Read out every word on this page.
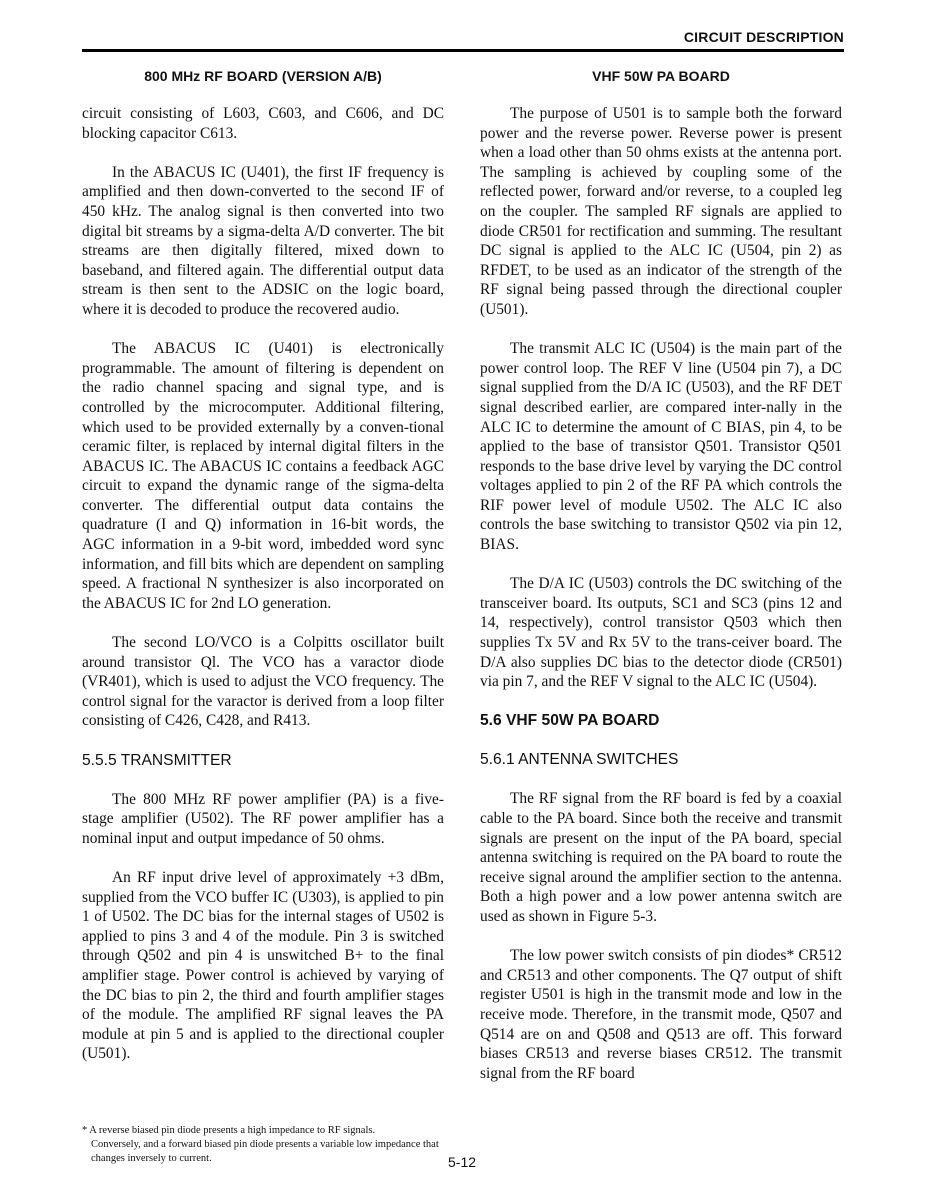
CIRCUIT DESCRIPTION
800 MHz RF BOARD (VERSION A/B)

circuit consisting of L603, C603, and C606, and DC blocking capacitor C613.

In the ABACUS IC (U401), the first IF frequency is amplified and then down-converted to the second IF of 450 kHz. The analog signal is then converted into two digital bit streams by a sigma-delta A/D converter. The bit streams are then digitally filtered, mixed down to baseband, and filtered again. The differential output data stream is then sent to the ADSIC on the logic board, where it is decoded to produce the recovered audio.

The ABACUS IC (U401) is electronically programmable. The amount of filtering is dependent on the radio channel spacing and signal type, and is controlled by the microcomputer. Additional filtering, which used to be provided externally by a conven-tional ceramic filter, is replaced by internal digital filters in the ABACUS IC. The ABACUS IC contains a feedback AGC circuit to expand the dynamic range of the sigma-delta converter. The differential output data contains the quadrature (I and Q) information in 16-bit words, the AGC information in a 9-bit word, imbedded word sync information, and fill bits which are dependent on sampling speed. A fractional N synthesizer is also incorporated on the ABACUS IC for 2nd LO generation.

The second LO/VCO is a Colpitts oscillator built around transistor Ql. The VCO has a varactor diode (VR401), which is used to adjust the VCO frequency. The control signal for the varactor is derived from a loop filter consisting of C426, C428, and R413.

5.5.5 TRANSMITTER

The 800 MHz RF power amplifier (PA) is a five-stage amplifier (U502). The RF power amplifier has a nominal input and output impedance of 50 ohms.

An RF input drive level of approximately +3 dBm, supplied from the VCO buffer IC (U303), is applied to pin 1 of U502. The DC bias for the internal stages of U502 is applied to pins 3 and 4 of the module. Pin 3 is switched through Q502 and pin 4 is unswitched B+ to the final amplifier stage. Power control is achieved by varying of the DC bias to pin 2, the third and fourth amplifier stages of the module. The amplified RF signal leaves the PA module at pin 5 and is applied to the directional coupler (U501).

VHF 50W PA BOARD

The purpose of U501 is to sample both the forward power and the reverse power. Reverse power is present when a load other than 50 ohms exists at the antenna port. The sampling is achieved by coupling some of the reflected power, forward and/or reverse, to a coupled leg on the coupler. The sampled RF signals are applied to diode CR501 for rectification and summing. The resultant DC signal is applied to the ALC IC (U504, pin 2) as RFDET, to be used as an indicator of the strength of the RF signal being passed through the directional coupler (U501).

The transmit ALC IC (U504) is the main part of the power control loop. The REF V line (U504 pin 7), a DC signal supplied from the D/A IC (U503), and the RF DET signal described earlier, are compared inter-nally in the ALC IC to determine the amount of C BIAS, pin 4, to be applied to the base of transistor Q501. Transistor Q501 responds to the base drive level by varying the DC control voltages applied to pin 2 of the RF PA which controls the RIF power level of module U502. The ALC IC also controls the base switching to transistor Q502 via pin 12, BIAS.

The D/A IC (U503) controls the DC switching of the transceiver board. Its outputs, SC1 and SC3 (pins 12 and 14, respectively), control transistor Q503 which then supplies Tx 5V and Rx 5V to the trans-ceiver board. The D/A also supplies DC bias to the detector diode (CR501) via pin 7, and the REF V signal to the ALC IC (U504).

5.6 VHF 50W PA BOARD
5.6.1 ANTENNA SWITCHES

The RF signal from the RF board is fed by a coaxial cable to the PA board. Since both the receive and transmit signals are present on the input of the PA board, special antenna switching is required on the PA board to route the receive signal around the amplifier section to the antenna. Both a high power and a low power antenna switch are used as shown in Figure 5-3.

The low power switch consists of pin diodes* CR512 and CR513 and other components. The Q7 output of shift register U501 is high in the transmit mode and low in the receive mode. Therefore, in the transmit mode, Q507 and Q514 are on and Q508 and Q513 are off. This forward biases CR513 and reverse biases CR512. The transmit signal from the RF board

* A reverse biased pin diode presents a high impedance to RF signals.
Conversely, and a forward biased pin diode presents a variable low impedance that changes inversely to current.	5-12
